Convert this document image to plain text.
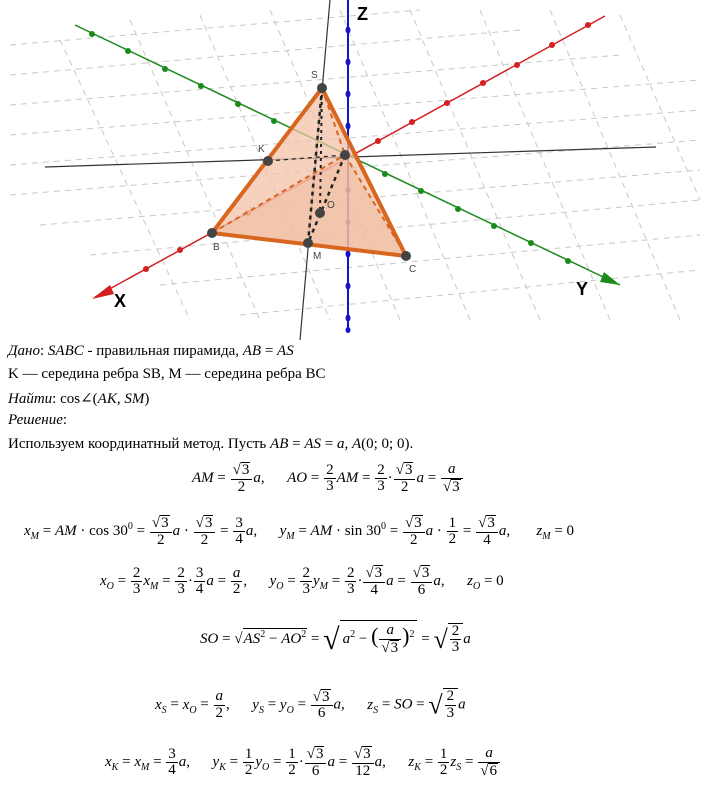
S
A
B
C
K
M
O
Z
X
Y
Дано: SABC - правильная пирамида, AB = AS
K — середина ребра SB, M — середина ребра BC
Найти: cos∠(AK, SM)
Решение:
Используем координатный метод. Пусть AB = AS = a, A(0; 0; 0).
AM = $\frac{√3}{2} a$,      AO = $\frac{2}{3}$ AM = $\frac{2}{3} \cdot \frac{√3}{2}$ $a = \frac{a}{√3}$
$x_M$ = AM · $\cos 30^0 = \frac{√3}{2}$ $a \cdot \frac{√3}{2} = \frac{3}{4} a$,      $y_M$ = AM · $\sin 30^0 = \frac{√3}{2}$ $a \cdot \frac{1}{2} = \frac{√3}{4} a$,       $z_M = 0$
$x_O = \frac{2}{3} x_M = \frac{2}{3} \cdot \frac{3}{4}$ $a = \frac{a}{2}$ ,      $y_O = \frac{2}{3} y_M = \frac{2}{3} \cdot \frac{√3}{4}$ $a = \frac{√3}{6} a$,      $z_O = 0$
SO = $√AS^2 - AO^2$ = √ $a^2$ − ( $\frac{a}{√3} )^2$ = √ $\frac{2}{3}$ a
$x_S = x_O = \frac{a}{2}$ ,      $y_S = y_O = \frac{√3}{6} a$,      $z_S$ = SO = √ $\frac{2}{3}$ a
$x_K = x_M = \frac{3}{4} a$,      $y_K = \frac{1}{2} y_O = \frac{1}{2} \cdot \frac{√3}{6}$ $a = \frac{√3}{12} a$,      $z_K = \frac{1}{2} z_S = \frac{a}{√6}$
